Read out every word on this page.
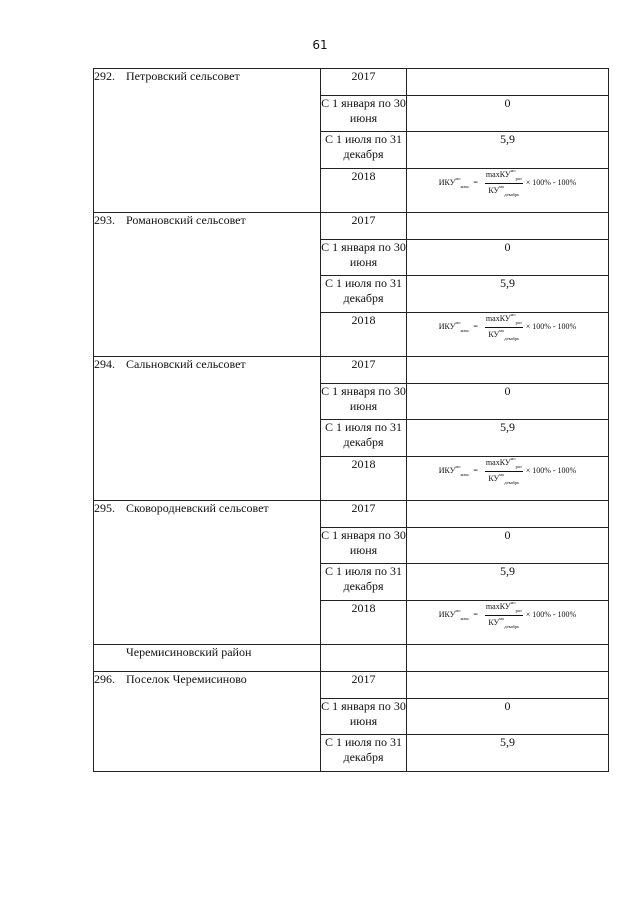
61
292. Петровский сельсовет	2017	
	С 1 января по 30 июня	0
	С 1 июля по 31 декабря	5,9
	2018	$ИКУ^{мо}_{макс} = \frac{\max КУ^{мо}_{раз}}{КУ^{мо}_{декабрь}} \times 100\% - 100\%$

293. Романовский сельсовет	2017	
	С 1 января по 30 июня	0
	С 1 июля по 31 декабря	5,9
	2018	$ИКУ^{мо}_{макс} = \frac{\max КУ^{мо}_{раз}}{КУ^{мо}_{декабрь}} \times 100\% - 100\%$

294. Сальновский сельсовет	2017	
	С 1 января по 30 июня	0
	С 1 июля по 31 декабря	5,9
	2018	$ИКУ^{мо}_{макс} = \frac{\max КУ^{мо}_{раз}}{КУ^{мо}_{декабрь}} \times 100\% - 100\%$

295. Сковородневский сельсовет	2017	
	С 1 января по 30 июня	0
	С 1 июля по 31 декабря	5,9
	2018	$ИКУ^{мо}_{макс} = \frac{\max КУ^{мо}_{раз}}{КУ^{мо}_{декабрь}} \times 100\% - 100\%$

Черемисиновский район		
296. Поселок Черемисиново	2017	
	С 1 января по 30 июня	0
	С 1 июля по 31 декабря	5,9
